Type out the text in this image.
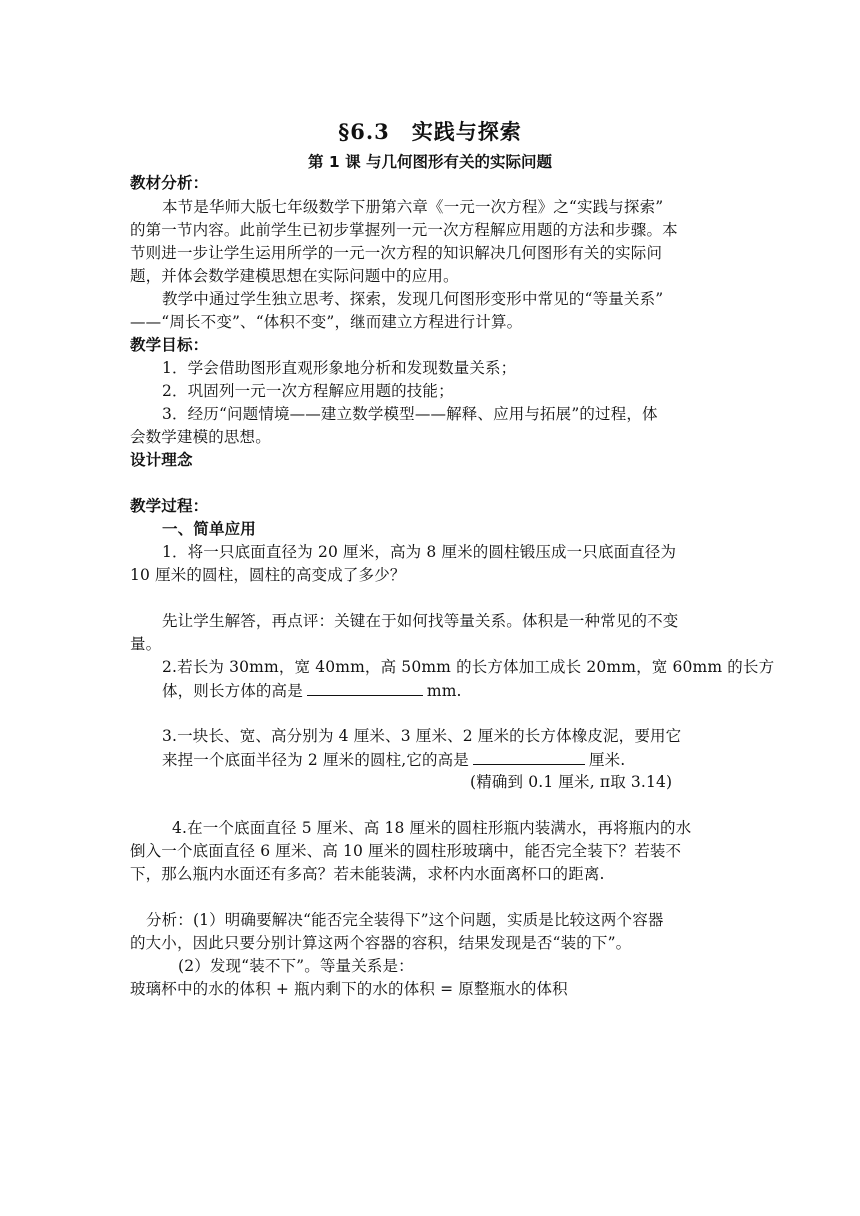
§6.3　实践与探索
第 1 课 与几何图形有关的实际问题
教材分析：
本节是华师大版七年级数学下册第六章《一元一次方程》之“实践与探索”
的第一节内容。此前学生已初步掌握列一元一次方程解应用题的方法和步骤。本
节则进一步让学生运用所学的一元一次方程的知识解决几何图形有关的实际问
题，并体会数学建模思想在实际问题中的应用。
教学中通过学生独立思考、探索，发现几何图形变形中常见的“等量关系”
——“周长不变”、“体积不变”，继而建立方程进行计算。
教学目标：
1．学会借助图形直观形象地分析和发现数量关系；
2．巩固列一元一次方程解应用题的技能；
3．经历“问题情境——建立数学模型——解释、应用与拓展”的过程，体
会数学建模的思想。
设计理念
教学过程：
一、简单应用
1．将一只底面直径为 20 厘米，高为 8 厘米的圆柱锻压成一只底面直径为
10 厘米的圆柱，圆柱的高变成了多少？
先让学生解答，再点评：关键在于如何找等量关系。体积是一种常见的不变
量。
2.若长为 30mm，宽 40mm，高 50mm 的长方体加工成长 20mm，宽 60mm 的长方
体，则长方体的高是	mm.
3.一块长、宽、高分别为 4 厘米、3 厘米、2 厘米的长方体橡皮泥，要用它
来捏一个底面半径为 2 厘米的圆柱,它的高是	厘米.
(精确到 0.1 厘米, π取 3.14)
4.在一个底面直径 5 厘米、高 18 厘米的圆柱形瓶内装满水，再将瓶内的水
倒入一个底面直径 6 厘米、高 10 厘米的圆柱形玻璃中，能否完全装下？若装不
下，那么瓶内水面还有多高？若未能装满，求杯内水面离杯口的距离.
分析：(1）明确要解决“能否完全装得下”这个问题，实质是比较这两个容器
的大小，因此只要分别计算这两个容器的容积，结果发现是否“装的下”。
(2）发现“装不下”。等量关系是：
玻璃杯中的水的体积 + 瓶内剩下的水的体积 = 原整瓶水的体积
